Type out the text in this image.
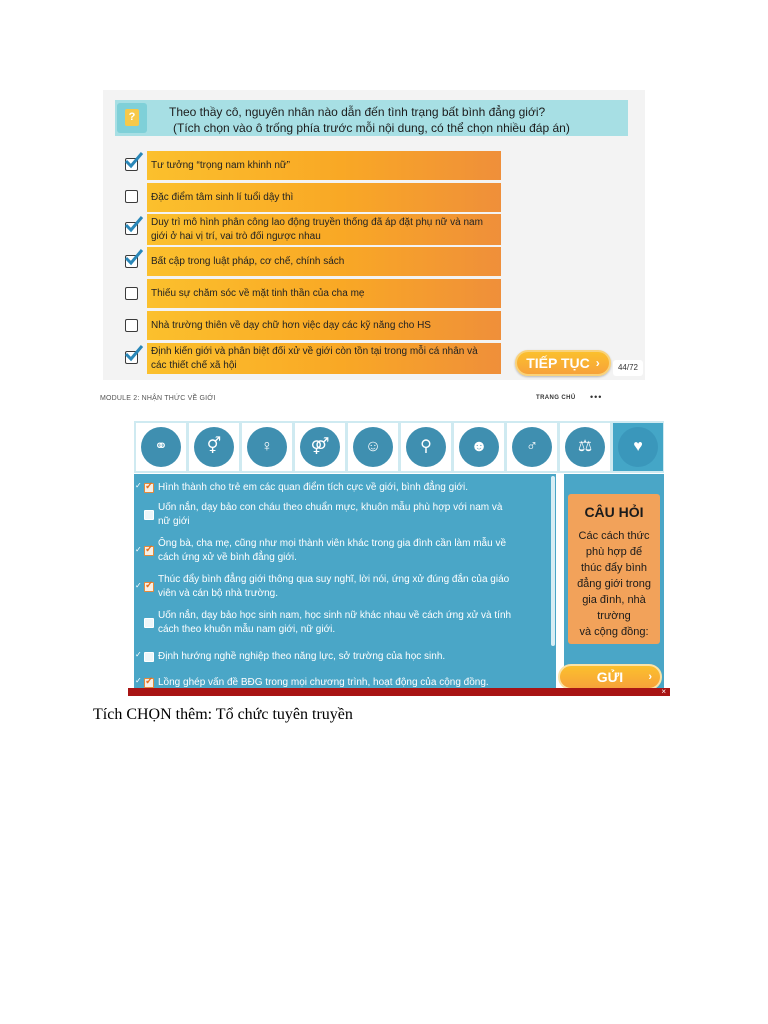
?	Theo thầy cô, nguyên nhân nào dẫn đến tình trạng bất bình đẳng giới?
(Tích chọn vào ô trống phía trước mỗi nội dung, có thể chọn nhiều đáp án)
Tư tưởng “trọng nam khinh nữ”
Đặc điểm tâm sinh lí tuổi dậy thì
Duy trì mô hình phân công lao động truyền thống đã áp đặt phụ nữ và nam
giới ở hai vị trí, vai trò đối ngược nhau
Bất cập trong luật pháp, cơ chế, chính sách
Thiếu sự chăm sóc về mặt tinh thần của cha mẹ
Nhà trường thiên về dạy chữ hơn việc dạy các kỹ năng cho HS
Định kiến giới và phân biệt đối xử về giới còn tồn tại trong mỗi cá nhân và
các thiết chế xã hội	TIẾP TỤC ›	44/72
MODULE 2: NHẬN THỨC VỀ GIỚI	TRANG CHỦ •••
⚭	⚥	♀	⚤	☺	⚲	☻	♂	⚖	♥
✓ ✓ Hình thành cho trẻ em các quan điểm tích cực về giới, bình đẳng giới.
Uốn nắn, dạy bảo con cháu theo chuẩn mực, khuôn mẫu phù hợp với nam và
nữ giới
✓ ✓
Ông bà, cha mẹ, cũng như mọi thành viên khác trong gia đình cần làm mẫu về
cách ứng xử về bình đẳng giới.
✓ ✓
Thúc đẩy bình đẳng giới thông qua suy nghĩ, lời nói, ứng xử đúng đắn của giáo
viên và cán bộ nhà trường.
Uốn nắn, dạy bảo học sinh nam, học sinh nữ khác nhau về cách ứng xử và tính
cách theo khuôn mẫu nam giới, nữ giới.
✓ Định hướng nghề nghiệp theo năng lực, sở trường của học sinh.
✓ ✓ Lồng ghép vấn đề BĐG trong mọi chương trình, hoạt động của cộng đồng.
CÂU HỎI
Các cách thức
phù hợp để
thúc đẩy bình
đẳng giới trong
gia đình, nhà
trường
và cộng đồng:
GỬI ›
×
Tích CHỌN thêm: Tổ chức tuyên truyền
